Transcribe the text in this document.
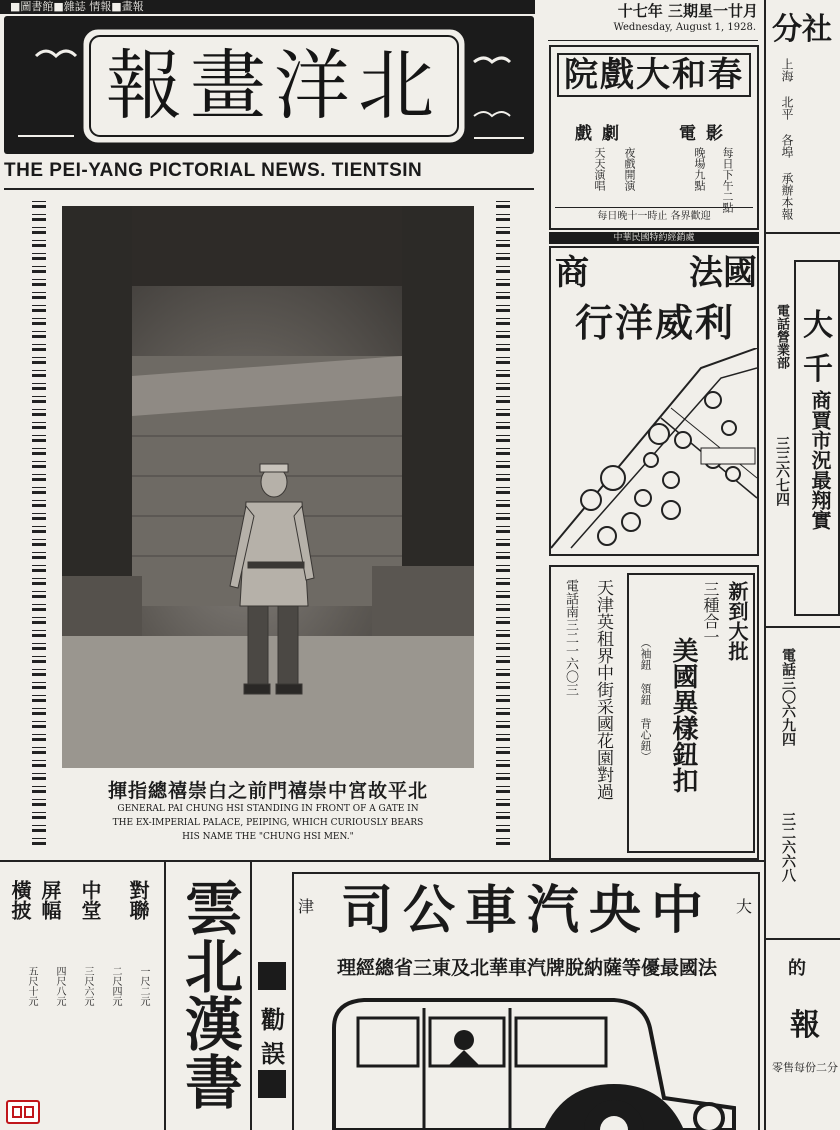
■圖書館■雜誌 情報■畫報
北洋畫報
THE PEI-YANG PICTORIAL NEWS. TIENTSIN
月廿一星期三 年七十
Wednesday, August 1, 1928.
春和大戲院
電影
戲劇
每日下午二點
晚場九點
夜戲開演
天天演唱
每日晚十一時止 各界歡迎
中華民國特約經銷處
法國
商
利威洋行
新到大批
三種合一
美國異樣鈕扣
（袖鈕 領鈕 背心鈕）
天津英租界中街采國花園對過
電話南三二一六〇三
分社
上海 北平 各埠 承辦本報
電話營業部
三三六七四
大千
商賈市況最翔實
電話三〇六九四
三二六六八
的
報
零售每份二分
北平故宮中崇禧門前之白崇禧總指揮
GENERAL PAI CHUNG HSI STANDING IN FRONT OF A GATE IN
THE EX-IMPERIAL PALACE, PEIPING, WHICH CURIOUSLY BEARS
HIS NAME THE "CHUNG HSI MEN."
對聯
中堂
屏幅
橫披
一尺二元
二尺四元
三尺六元
四尺八元
五尺十元 雲北漢書 勸
誤
津	大
中央汽車公司
法國最優等薩納脫牌汽車華北及東三省總經理
